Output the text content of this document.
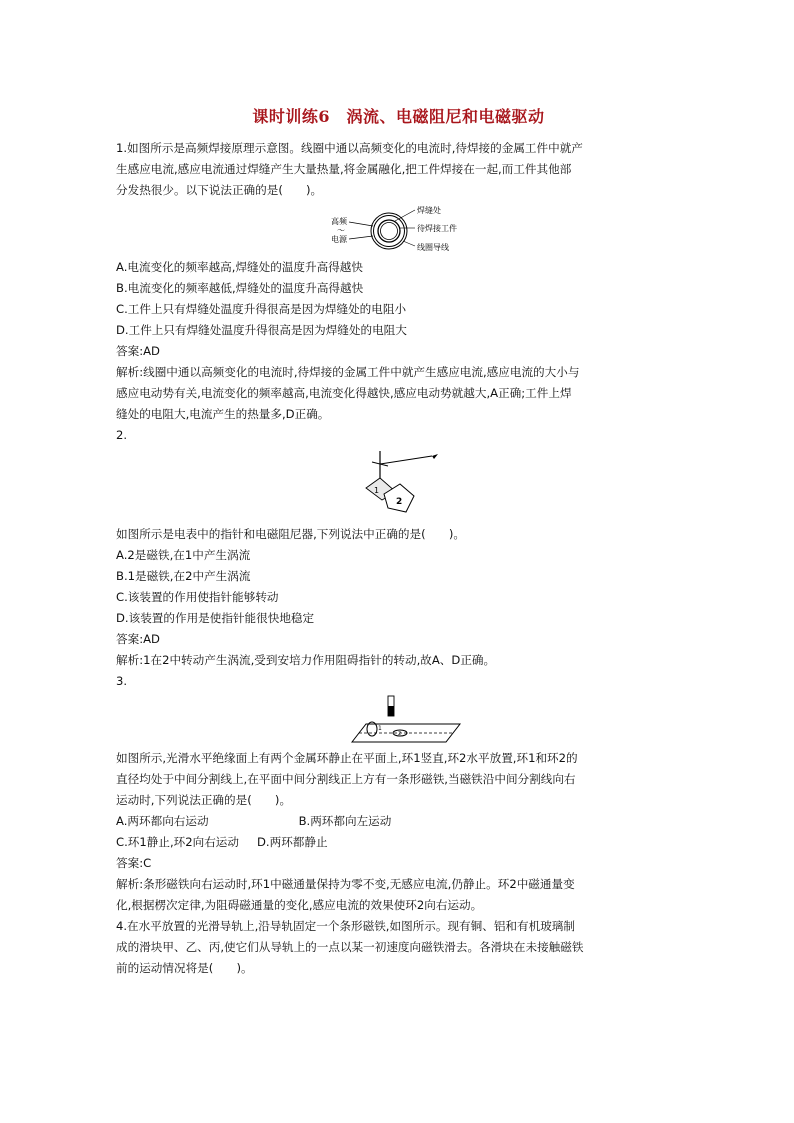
课时训练6　涡流、电磁阻尼和电磁驱动

1.如图所示是高频焊接原理示意图。线圈中通以高频变化的电流时,待焊接的金属工件中就产

生感应电流,感应电流通过焊缝产生大量热量,将金属融化,把工件焊接在一起,而工件其他部

分发热很少。以下说法正确的是(　　)。

高频
～
电源
焊缝处
待焊接工件
线圈导线

A.电流变化的频率越高,焊缝处的温度升高得越快

B.电流变化的频率越低,焊缝处的温度升高得越快

C.工件上只有焊缝处温度升得很高是因为焊缝处的电阻小

D.工件上只有焊缝处温度升得很高是因为焊缝处的电阻大

答案:AD

解析:线圈中通以高频变化的电流时,待焊接的金属工件中就产生感应电流,感应电流的大小与

感应电动势有关,电流变化的频率越高,电流变化得越快,感应电动势就越大,A正确;工件上焊

缝处的电阻大,电流产生的热量多,D正确。

2.

1
2

如图所示是电表中的指针和电磁阻尼器,下列说法中正确的是(　　)。

A.2是磁铁,在1中产生涡流

B.1是磁铁,在2中产生涡流

C.该装置的作用使指针能够转动

D.该装置的作用是使指针能很快地稳定

答案:AD

解析:1在2中转动产生涡流,受到安培力作用阻碍指针的转动,故A、D正确。

3.

1
2

如图所示,光滑水平绝缘面上有两个金属环静止在平面上,环1竖直,环2水平放置,环1和环2的

直径均处于中间分割线上,在平面中间分割线正上方有一条形磁铁,当磁铁沿中间分割线向右

运动时,下列说法正确的是(　　)。

A.两环都向右运动	B.两环都向左运动
C.环1静止,环2向右运动 D.两环都静止

答案:C

解析:条形磁铁向右运动时,环1中磁通量保持为零不变,无感应电流,仍静止。环2中磁通量变

化,根据楞次定律,为阻碍磁通量的变化,感应电流的效果使环2向右运动。

4.在水平放置的光滑导轨上,沿导轨固定一个条形磁铁,如图所示。现有铜、铝和有机玻璃制

成的滑块甲、乙、丙,使它们从导轨上的一点以某一初速度向磁铁滑去。各滑块在未接触磁铁

前的运动情况将是(　　)。
